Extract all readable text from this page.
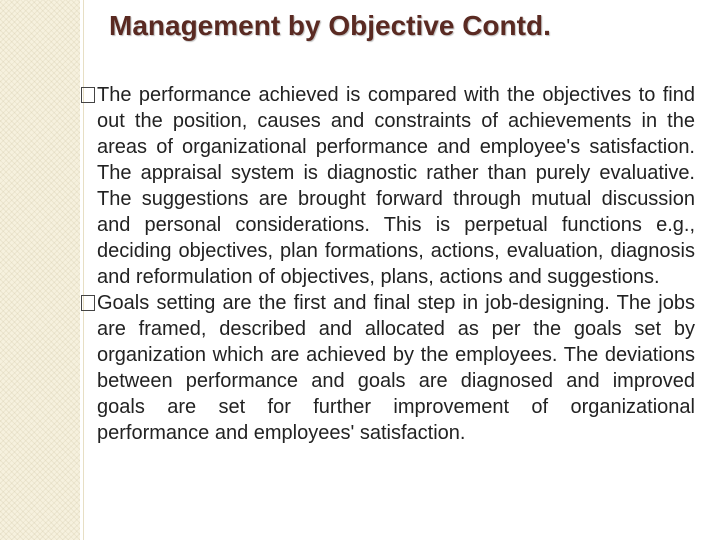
Management by Objective Contd.

The performance achieved is compared with the objectives to find out the position, causes and constraints of achievements in the areas of organizational performance and employee's satisfaction. The appraisal system is diagnostic rather than purely evaluative. The suggestions are brought forward through mutual discussion and personal considerations. This is perpetual functions e.g., deciding objectives, plan formations, actions, evaluation, diagnosis and reformulation of objectives, plans, actions and suggestions.

Goals setting are the first and final step in job-designing. The jobs are framed, described and allocated as per the goals set by organization which are achieved by the employees. The deviations between performance and goals are diagnosed and improved goals are set for further improvement of organizational performance and employees' satisfaction.
